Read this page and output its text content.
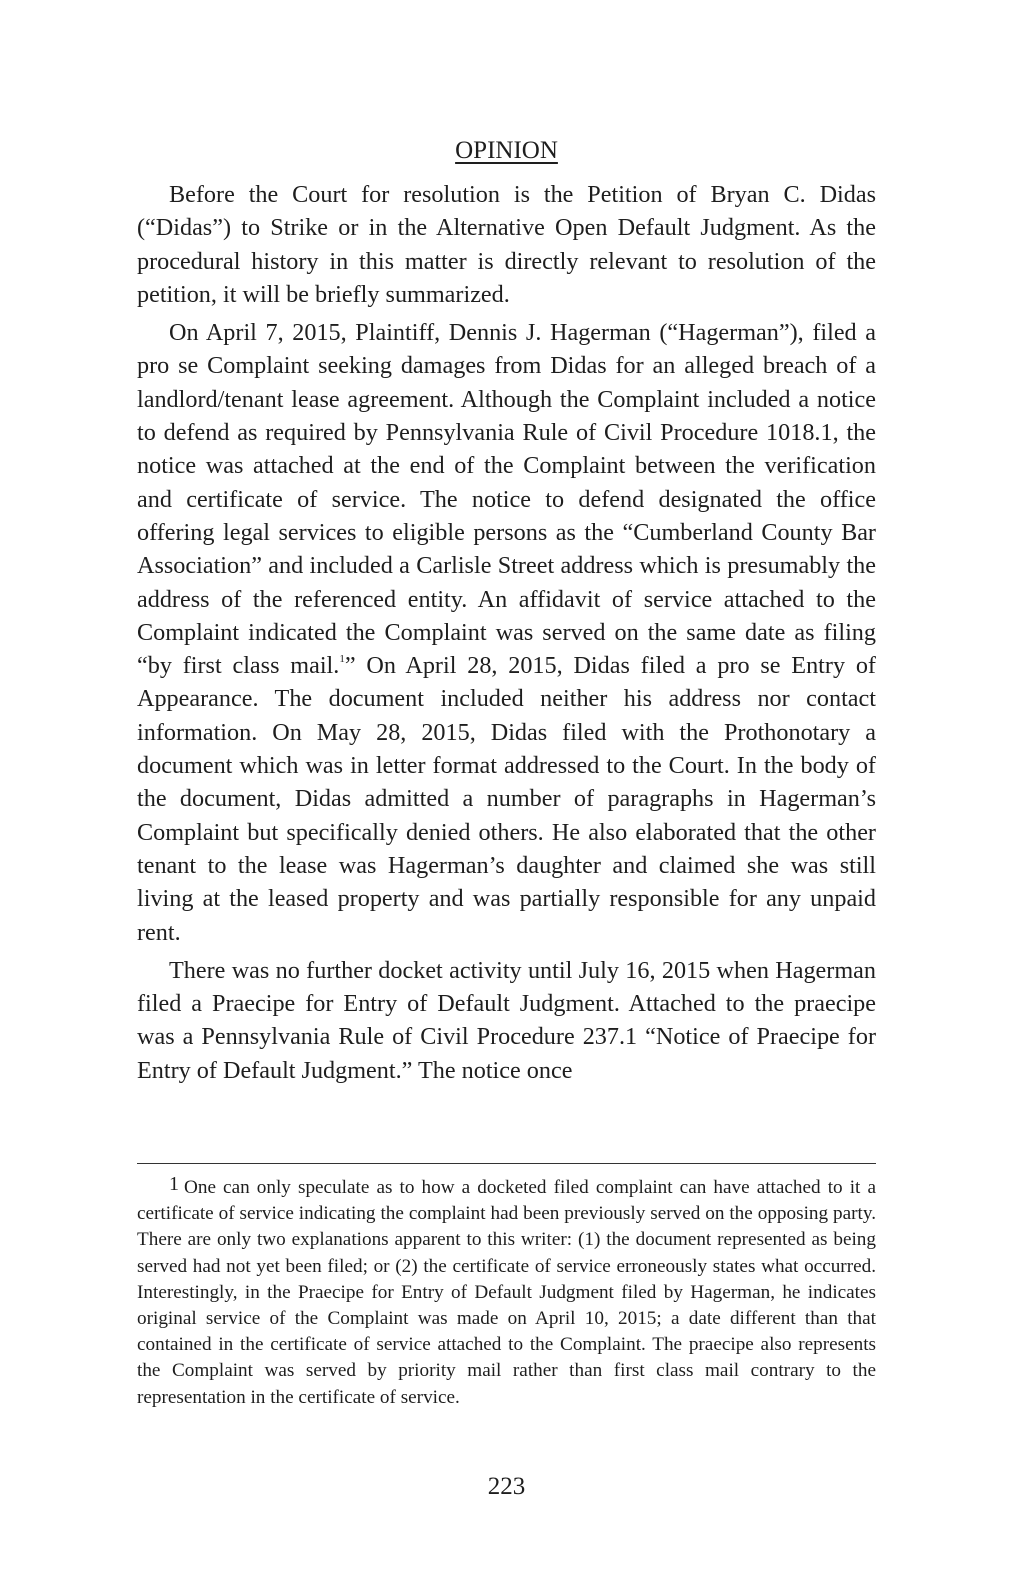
OPINION

Before the Court for resolution is the Petition of Bryan C. Didas (“Didas”) to Strike or in the Alternative Open Default Judgment. As the procedural history in this matter is directly relevant to resolution of the petition, it will be briefly summarized.

On April 7, 2015, Plaintiff, Dennis J. Hagerman (“Hagerman”), filed a pro se Complaint seeking damages from Didas for an alleged breach of a landlord/tenant lease agreement. Although the Complaint included a notice to defend as required by Pennsylvania Rule of Civil Procedure 1018.1, the notice was attached at the end of the Complaint between the verification and certificate of service. The notice to defend designated the office offering legal services to eligible persons as the “Cumberland County Bar Association” and included a Carlisle Street address which is presumably the address of the referenced entity. An affidavit of service attached to the Complaint indicated the Complaint was served on the same date as filing “by first class mail.$^1$” On April 28, 2015, Didas filed a pro se Entry of Appearance. The document included neither his address nor contact information. On May 28, 2015, Didas filed with the Prothonotary a document which was in letter format addressed to the Court. In the body of the document, Didas admitted a number of paragraphs in Hagerman’s Complaint but specifically denied others. He also elaborated that the other tenant to the lease was Hagerman’s daughter and claimed she was still living at the leased property and was partially responsible for any unpaid rent.

There was no further docket activity until July 16, 2015 when Hagerman filed a Praecipe for Entry of Default Judgment. Attached to the praecipe was a Pennsylvania Rule of Civil Procedure 237.1 “Notice of Praecipe for Entry of Default Judgment.” The notice once

1 One can only speculate as to how a docketed filed complaint can have attached to it a certificate of service indicating the complaint had been previously served on the opposing party. There are only two explanations apparent to this writer: (1) the document represented as being served had not yet been filed; or (2) the certificate of service erroneously states what occurred. Interestingly, in the Praecipe for Entry of Default Judgment filed by Hagerman, he indicates original service of the Complaint was made on April 10, 2015; a date different than that contained in the certificate of service attached to the Complaint. The praecipe also represents the Complaint was served by priority mail rather than first class mail contrary to the representation in the certificate of service.

223
